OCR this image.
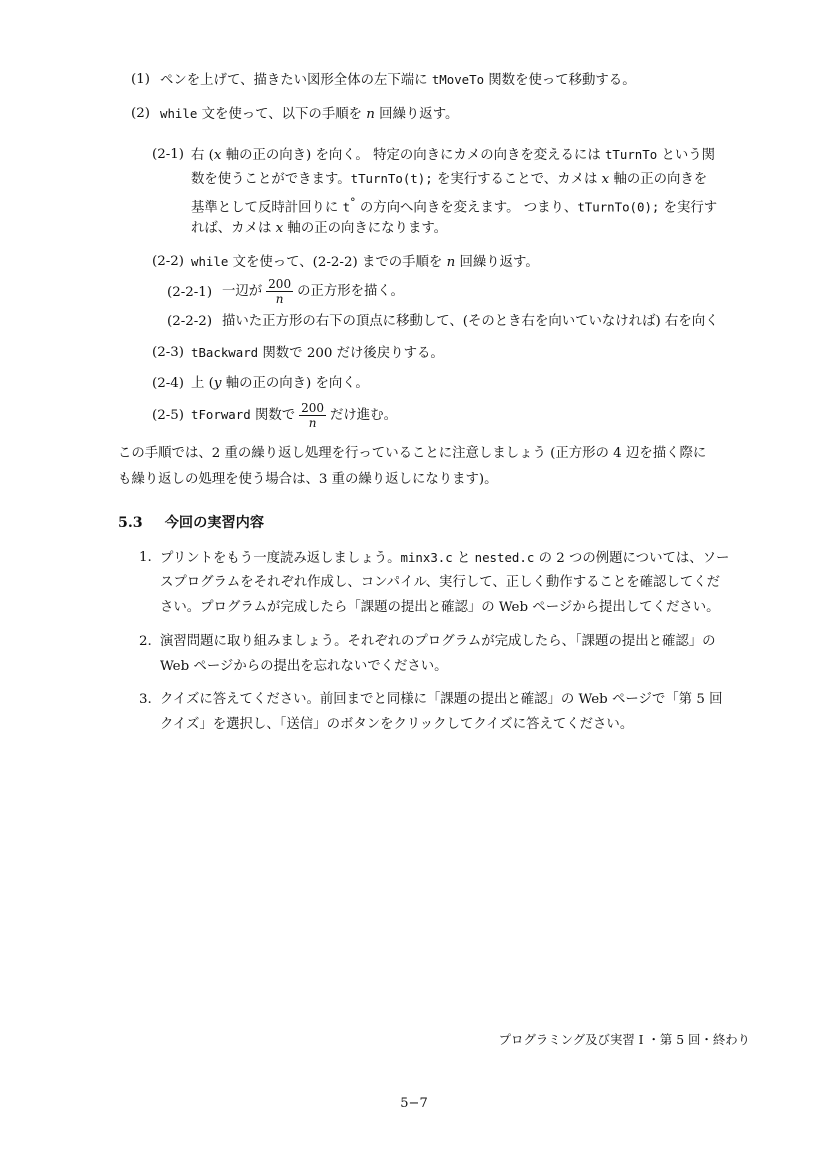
(1) ペンを上げて、描きたい図形全体の左下端に tMoveTo 関数を使って移動する。
(2) while 文を使って、以下の手順を n 回繰り返す。
(2-1) 右 (x 軸の正の向き) を向く。 特定の向きにカメの向きを変えるには tTurnTo という関
数を使うことができます。tTurnTo(t); を実行することで、カメは x 軸の正の向きを
基準として反時計回りに t° の方向へ向きを変えます。 つまり、tTurnTo(0); を実行す
れば、カメは x 軸の正の向きになります。
(2-2) while 文を使って、(2-2-2) までの手順を n 回繰り返す。
(2-2-1) 一辺が $\frac{200}{n}$ の正方形を描く。
(2-2-2) 描いた正方形の右下の頂点に移動して、(そのとき右を向いていなければ) 右を向く
(2-3) tBackward 関数で 200 だけ後戻りする。
(2-4) 上 (y 軸の正の向き) を向く。
(2-5) tForward 関数で $\frac{200}{n}$ だけ進む。
この手順では、2 重の繰り返し処理を行っていることに注意しましょう (正方形の 4 辺を描く際に
も繰り返しの処理を使う場合は、3 重の繰り返しになります)。
5.3 今回の実習内容
1. プリントをもう一度読み返しましょう。minx3.c と nested.c の 2 つの例題については、ソー
スプログラムをそれぞれ作成し、コンパイル、実行して、正しく動作することを確認してくだ
さい。プログラムが完成したら「課題の提出と確認」の Web ページから提出してください。
2. 演習問題に取り組みましょう。それぞれのプログラムが完成したら、「課題の提出と確認」の
Web ページからの提出を忘れないでください。
3. クイズに答えてください。前回までと同様に「課題の提出と確認」の Web ページで「第 5 回
クイズ」を選択し、「送信」のボタンをクリックしてクイズに答えてください。
プログラミング及び実習 I ・第 5 回・終わり
5−7
